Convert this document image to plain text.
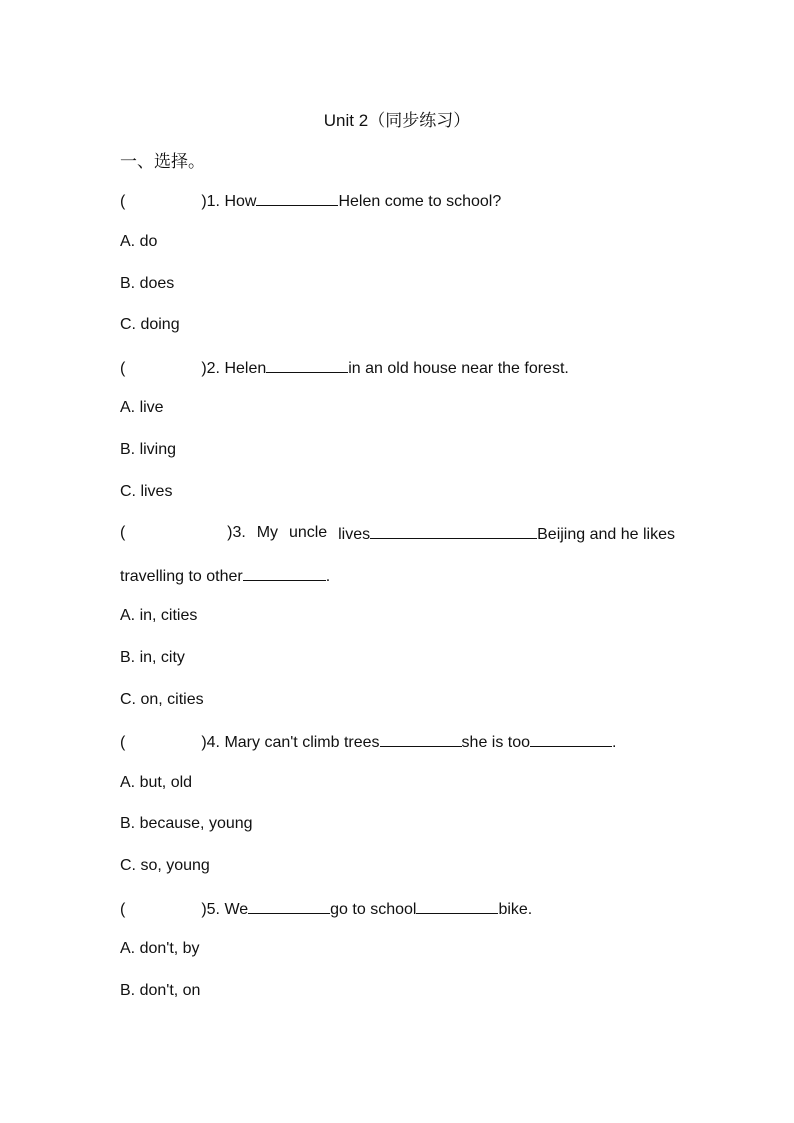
Unit 2（同步练习）
一、选择。
(	)1. How	Helen come to school?
A. do
B. does
C. doing
(	)2. Helen	in an old house near the forest.
A. live
B. living
C. lives
(	)3. My uncle lives	Beijing and he likes
travelling to other	.
A. in, cities
B. in, city
C. on, cities
(	)4. Mary can't climb trees	she is too	.
A. but, old
B. because, young
C. so, young
(	)5. We	go to school	bike.
A. don't, by
B. don't, on
